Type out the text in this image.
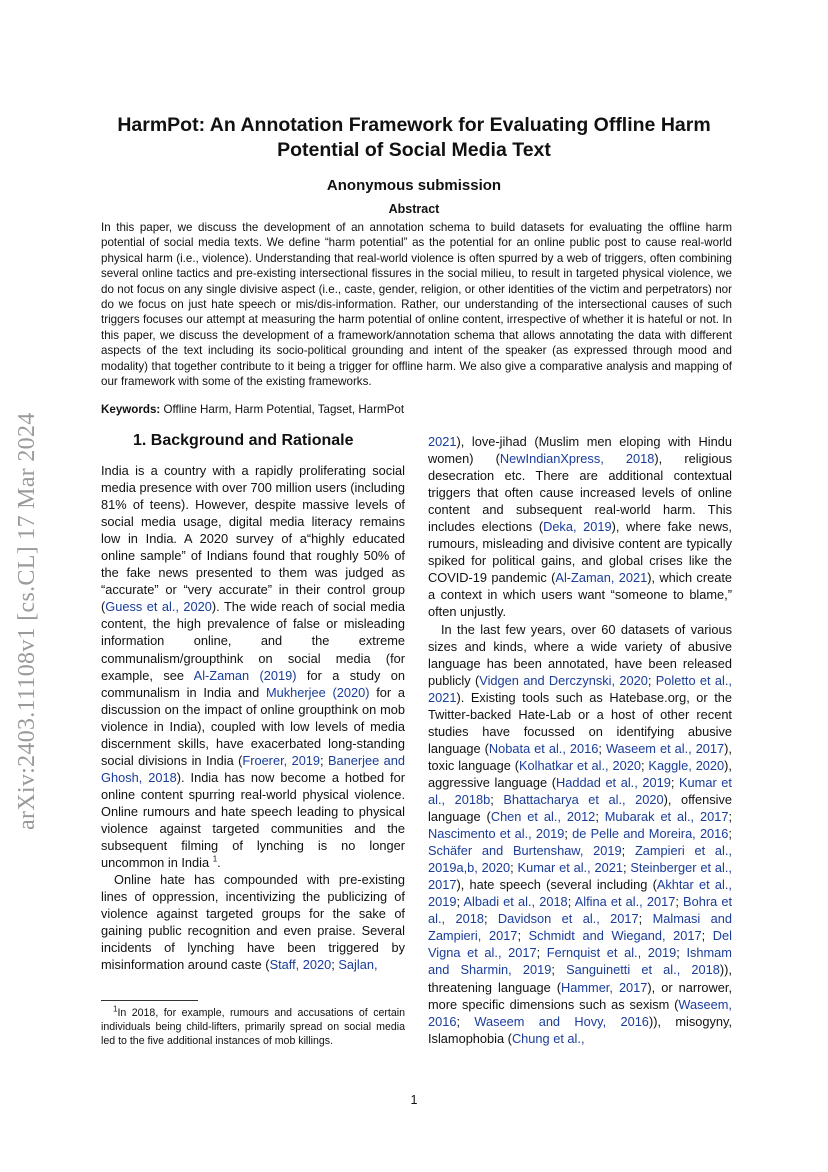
arXiv:2403.11108v1 [cs.CL] 17 Mar 2024
HarmPot: An Annotation Framework for Evaluating Offline Harm Potential of Social Media Text
Anonymous submission
Abstract

In this paper, we discuss the development of an annotation schema to build datasets for evaluating the offline harm potential of social media texts. We define “harm potential” as the potential for an online public post to cause real-world physical harm (i.e., violence). Understanding that real-world violence is often spurred by a web of triggers, often combining several online tactics and pre-existing intersectional fissures in the social milieu, to result in targeted physical violence, we do not focus on any single divisive aspect (i.e., caste, gender, religion, or other identities of the victim and perpetrators) nor do we focus on just hate speech or mis/dis-information. Rather, our understanding of the intersectional causes of such triggers focuses our attempt at measuring the harm potential of online content, irrespective of whether it is hateful or not. In this paper, we discuss the development of a framework/annotation schema that allows annotating the data with different aspects of the text including its socio-political grounding and intent of the speaker (as expressed through mood and modality) that together contribute to it being a trigger for offline harm. We also give a comparative analysis and mapping of our framework with some of the existing frameworks.

Keywords: Offline Harm, Harm Potential, Tagset, HarmPot

1. Background and Rationale

India is a country with a rapidly proliferating social media presence with over 700 million users (including 81% of teens). However, despite massive levels of social media usage, digital media literacy remains low in India. A 2020 survey of a“highly educated online sample” of Indians found that roughly 50% of the fake news presented to them was judged as “accurate” or “very accurate” in their control group (Guess et al., 2020). The wide reach of social media content, the high prevalence of false or misleading information online, and the extreme communalism/groupthink on social media (for example, see Al-Zaman (2019) for a study on communalism in India and Mukherjee (2020) for a discussion on the impact of online groupthink on mob violence in India), coupled with low levels of media discernment skills, have exacerbated long-standing social divisions in India (Froerer, 2019; Banerjee and Ghosh, 2018). India has now become a hotbed for online content spurring real-world physical violence. Online rumours and hate speech leading to physical violence against targeted communities and the subsequent filming of lynching is no longer uncommon in India $^1$.

Online hate has compounded with pre-existing lines of oppression, incentivizing the publicizing of violence against targeted groups for the sake of gaining public recognition and even praise. Several incidents of lynching have been triggered by misinformation around caste (Staff, 2020; Sajlan,

2021), love-jihad (Muslim men eloping with Hindu women) (NewIndianXpress, 2018), religious desecration etc. There are additional contextual triggers that often cause increased levels of online content and subsequent real-world harm. This includes elections (Deka, 2019), where fake news, rumours, misleading and divisive content are typically spiked for political gains, and global crises like the COVID-19 pandemic (Al-Zaman, 2021), which create a context in which users want “someone to blame,” often unjustly.

In the last few years, over 60 datasets of various sizes and kinds, where a wide variety of abusive language has been annotated, have been released publicly (Vidgen and Derczynski, 2020; Poletto et al., 2021). Existing tools such as Hatebase.org, or the Twitter-backed Hate-Lab or a host of other recent studies have focussed on identifying abusive language (Nobata et al., 2016; Waseem et al., 2017), toxic language (Kolhatkar et al., 2020; Kaggle, 2020), aggressive language (Haddad et al., 2019; Kumar et al., 2018b; Bhattacharya et al., 2020), offensive language (Chen et al., 2012; Mubarak et al., 2017; Nascimento et al., 2019; de Pelle and Moreira, 2016; Schäfer and Burtenshaw, 2019; Zampieri et al., 2019a,b, 2020; Kumar et al., 2021; Steinberger et al., 2017), hate speech (several including (Akhtar et al., 2019; Albadi et al., 2018; Alfina et al., 2017; Bohra et al., 2018; Davidson et al., 2017; Malmasi and Zampieri, 2017; Schmidt and Wiegand, 2017; Del Vigna et al., 2017; Fernquist et al., 2019; Ishmam and Sharmin, 2019; Sanguinetti et al., 2018)), threatening language (Hammer, 2017), or narrower, more specific dimensions such as sexism (Waseem, 2016; Waseem and Hovy, 2016)), misogyny, Islamophobia (Chung et al.,

$^1$In 2018, for example, rumours and accusations of certain individuals being child-lifters, primarily spread on social media led to the five additional instances of mob killings.

1
